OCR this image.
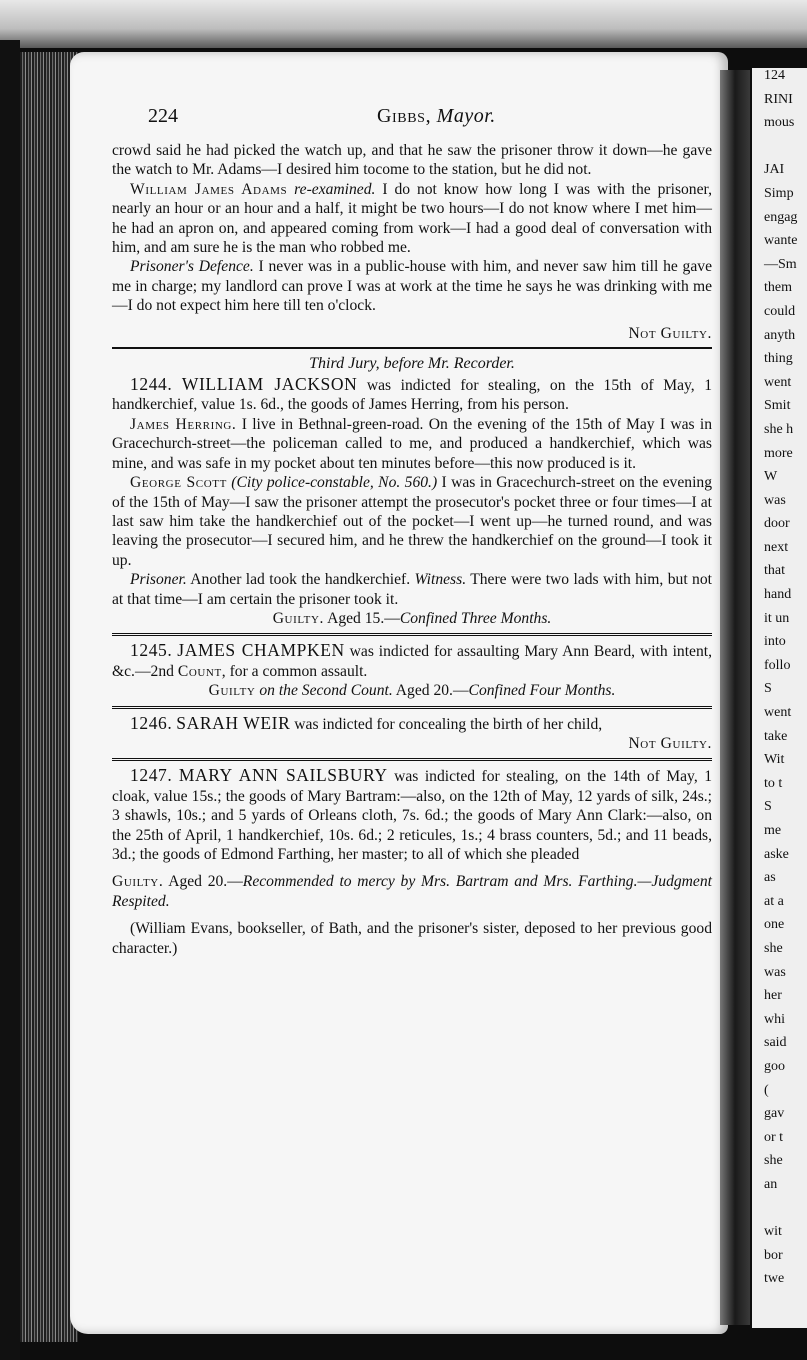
124
RINI
mous
JAI
Simp
engag
wante
—Sm
them
could
anyth
thing
went
Smit
she h
more
W
was
door
next
that
hand
it un
into
follo
S
went
take
Wit
to t
S
me
aske
as
at a
one
she
was
her
whi
said
goo
(
gav
or t
she
an
wit
bor
twe
224	Gibbs, Mayor.

crowd said he had picked the watch up, and that he saw the prisoner throw it down—he gave the watch to Mr. Adams—I desired him tocome to the station, but he did not.

William James Adams re-examined. I do not know how long I was with the prisoner, nearly an hour or an hour and a half, it might be two hours—I do not know where I met him—he had an apron on, and appeared coming from work—I had a good deal of conversation with him, and am sure he is the man who robbed me.

Prisoner's Defence. I never was in a public-house with him, and never saw him till he gave me in charge; my landlord can prove I was at work at the time he says he was drinking with me—I do not expect him here till ten o'clock.

Not Guilty.

Third Jury, before Mr. Recorder.

1244. WILLIAM JACKSON was indicted for stealing, on the 15th of May, 1 handkerchief, value 1s. 6d., the goods of James Herring, from his person.

James Herring. I live in Bethnal-green-road. On the evening of the 15th of May I was in Gracechurch-street—the policeman called to me, and produced a handkerchief, which was mine, and was safe in my pocket about ten minutes before—this now produced is it.

George Scott (City police-constable, No. 560.) I was in Gracechurch-street on the evening of the 15th of May—I saw the prisoner attempt the prosecutor's pocket three or four times—I at last saw him take the handkerchief out of the pocket—I went up—he turned round, and was leaving the prosecutor—I secured him, and he threw the handkerchief on the ground—I took it up.

Prisoner. Another lad took the handkerchief. Witness. There were two lads with him, but not at that time—I am certain the prisoner took it.

Guilty. Aged 15.—Confined Three Months.

1245. JAMES CHAMPKEN was indicted for assaulting Mary Ann Beard, with intent, &c.—2nd Count, for a common assault.

Guilty on the Second Count. Aged 20.—Confined Four Months.

1246. SARAH WEIR was indicted for concealing the birth of her child,

Not Guilty.

1247. MARY ANN SAILSBURY was indicted for stealing, on the 14th of May, 1 cloak, value 15s.; the goods of Mary Bartram:—also, on the 12th of May, 12 yards of silk, 24s.; 3 shawls, 10s.; and 5 yards of Orleans cloth, 7s. 6d.; the goods of Mary Ann Clark:—also, on the 25th of April, 1 handkerchief, 10s. 6d.; 2 reticules, 1s.; 4 brass counters, 5d.; and 11 beads, 3d.; the goods of Edmond Farthing, her master; to all of which she pleaded

Guilty. Aged 20.—Recommended to mercy by Mrs. Bartram and Mrs. Farthing.—Judgment Respited.

(William Evans, bookseller, of Bath, and the prisoner's sister, deposed to her previous good character.)
